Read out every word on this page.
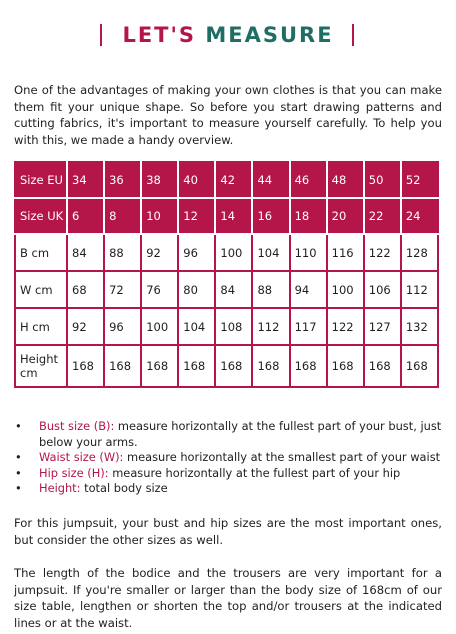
LET'S MEASURE

One of the advantages of making your own clothes is that you can make them fit your unique shape. So before you start drawing patterns and cutting fabrics, it's important to measure yourself carefully. To help you with this, we made a handy overview.

Size EU	34	36	38	40	42	44	46	48	50	52
Size UK	6	8	10	12	14	16	18	20	22	24
B cm	84	88	92	96	100	104	110	116	122	128
W cm	68	72	76	80	84	88	94	100	106	112
H cm	92	96	100	104	108	112	117	122	127	132
Height cm	168	168	168	168	168	168	168	168	168	168
• Bust size (B): measure horizontally at the fullest part of your bust, just below your arms.
• Waist size (W): measure horizontally at the smallest part of your waist
• Hip size (H): measure horizontally at the fullest part of your hip
• Height: total body size

For this jumpsuit, your bust and hip sizes are the most important ones, but consider the other sizes as well.

The length of the bodice and the trousers are very important for a jumpsuit. If you're smaller or larger than the body size of 168cm of our size table, lengthen or shorten the top and/or trousers at the indicated lines or at the waist.
